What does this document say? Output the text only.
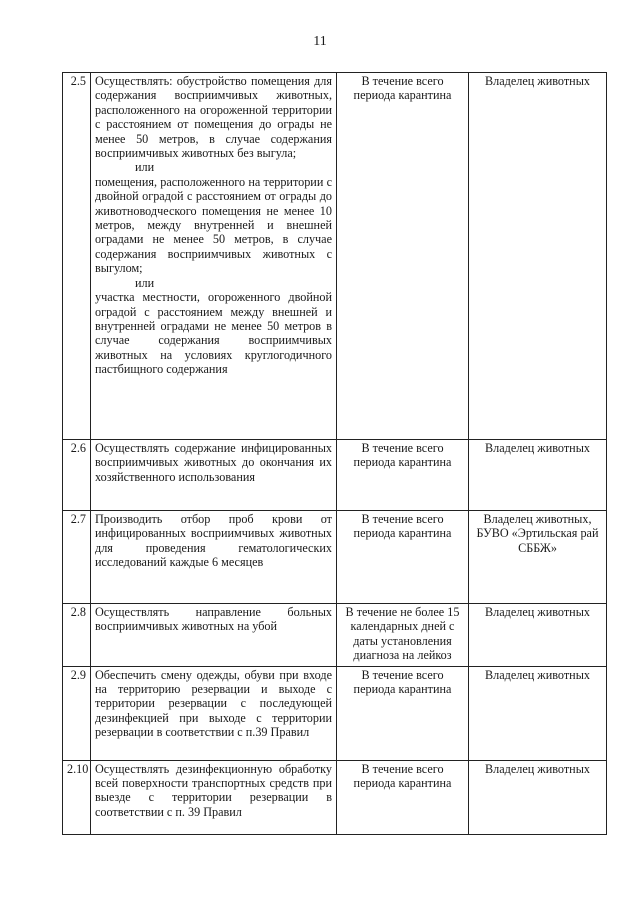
11
2.5	Осуществлять: обустройство помещения для содержания восприимчивых животных, расположенного на огороженной территории с расстоянием от помещения до ограды не менее 50 метров, в случае содержания восприимчивых животных без выгула;
или
помещения, расположенного на территории с двойной оградой с расстоянием от ограды до животноводческого помещения не менее 10 метров, между внутренней и внешней оградами не менее 50 метров, в случае содержания восприимчивых животных с выгулом;
или
участка местности, огороженного двойной оградой с расстоянием между внешней и внутренней оградами не менее 50 метров в случае содержания восприимчивых животных на условиях круглогодичного пастбищного содержания	В течение всего периода карантина	Владелец животных
2.6	Осуществлять содержание инфицированных восприимчивых животных до окончания их хозяйственного использования	В течение всего периода карантина	Владелец животных
2.7	Производить отбор проб крови от инфицированных восприимчивых животных для проведения гематологических исследований каждые 6 месяцев	В течение всего периода карантина	Владелец животных, БУВО «Эртильская рай СББЖ»
2.8	Осуществлять направление больных восприимчивых животных на убой	В течение не более 15 календарных дней с даты установления диагноза на лейкоз	Владелец животных
2.9	Обеспечить смену одежды, обуви при входе на территорию резервации и выходе с территории резервации с последующей дезинфекцией при выходе с территории резервации в соответствии с п.39 Правил	В течение всего периода карантина	Владелец животных
2.10	Осуществлять дезинфекционную обработку всей поверхности транспортных средств при выезде с территории резервации в соответствии с п. 39 Правил	В течение всего периода карантина	Владелец животных
